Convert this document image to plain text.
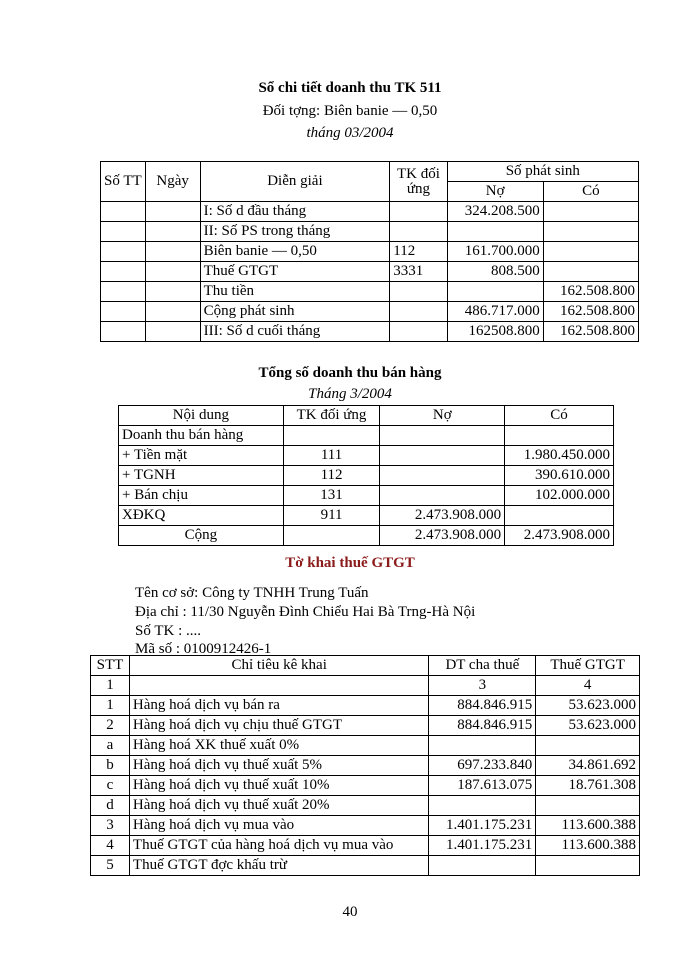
Sổ chi tiết doanh thu TK 511
Đối tợng: Biên banie — 0,50
tháng 03/2004
Số TT	Ngày	Diễn giải	TK đối ứng	Số phát sinh	
				Nợ	Có
		I: Số d đầu tháng		324.208.500	
		II: Số PS trong tháng			
		Biên banie — 0,50	112	161.700.000	
		Thuế GTGT	3331	808.500	
		Thu tiền			162.508.800
		Cộng phát sinh		486.717.000	162.508.800
		III: Số d cuối tháng		162508.800	162.508.800
Tổng số doanh thu bán hàng
Tháng 3/2004
Nội dung	TK đối ứng	Nợ	Có
Doanh thu bán hàng			
+ Tiền mặt	111		1.980.450.000
+ TGNH	112		390.610.000
+ Bán chịu	131		102.000.000
XĐKQ	911	2.473.908.000	
Cộng		2.473.908.000	2.473.908.000
Tờ khai thuế GTGT
Tên cơ sở: Công ty TNHH Trung Tuấn
Địa chỉ : 11/30 Nguyễn Đình Chiểu Hai Bà Trng-Hà Nội
Số TK : ....
Mã số : 0100912426-1
STT	Chỉ tiêu kê khai	DT cha thuế	Thuế GTGT
1		3	4
1	Hàng hoá dịch vụ bán ra	884.846.915	53.623.000
2	Hàng hoá dịch vụ chịu thuế GTGT	884.846.915	53.623.000
a	Hàng hoá XK thuế xuất 0%		
b	Hàng hoá dịch vụ thuế xuất 5%	697.233.840	34.861.692
c	Hàng hoá dịch vụ thuế xuất 10%	187.613.075	18.761.308
d	Hàng hoá dịch vụ thuế xuất 20%		
3	Hàng hoá dịch vụ mua vào	1.401.175.231	113.600.388
4	Thuế GTGT của hàng hoá dịch vụ mua vào	1.401.175.231	113.600.388
5	Thuế GTGT đợc khấu trừ		
40
